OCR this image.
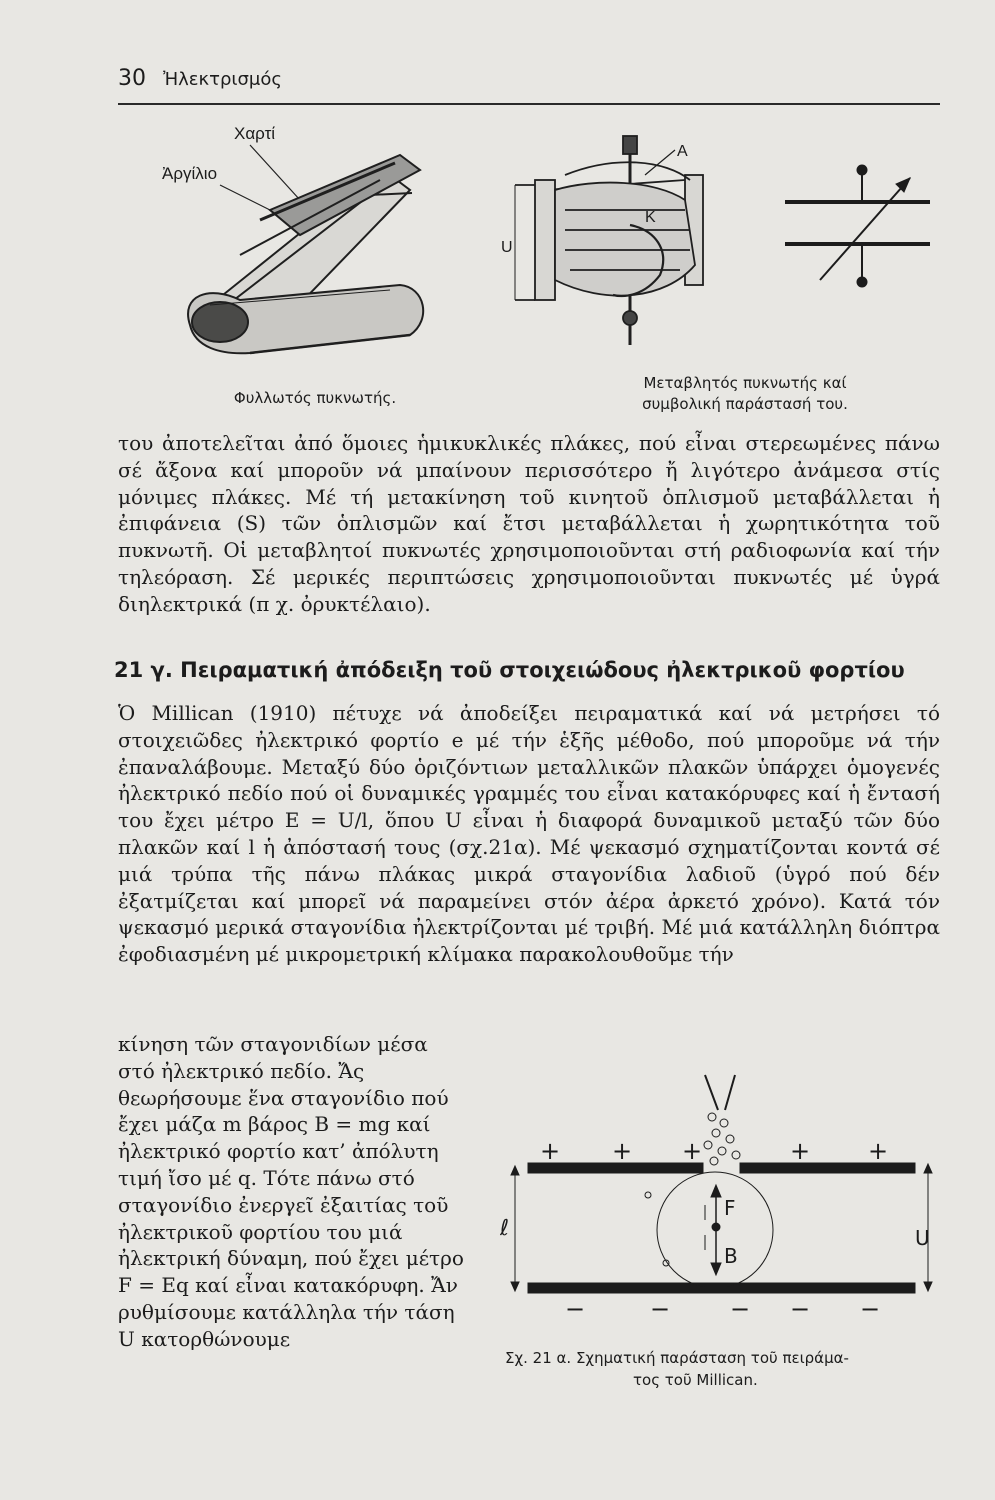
30 Ἠλεκτρισμός
Χαρτί
Ἀργίλιο
Φυλλωτός πυκνωτής.
A
K
U
Μεταβλητός πυκνωτής καί
συμβολική παράστασή του.

του ἀποτελεῖται ἀπό ὅμοιες ἡμικυκλικές πλάκες, πού εἶναι στερεωμένες πάνω σέ ἄξονα καί μποροῦν νά μπαίνουν περισσότερο ἤ λιγότερο ἀνάμεσα στίς μόνιμες πλάκες. Μέ τή μετακίνηση τοῦ κινητοῦ ὁπλισμοῦ μεταβάλλεται ἡ ἐπιφάνεια (S) τῶν ὁπλισμῶν καί ἔτσι μεταβάλλεται ἡ χωρητικότητα τοῦ πυκνωτῆ. Οἱ μεταβλητοί πυκνωτές χρησιμοποιοῦνται στή ραδιοφωνία καί τήν τηλεόραση. Σέ μερικές περιπτώσεις χρησιμοποιοῦνται πυκνωτές μέ ὑγρά διηλεκτρικά (π χ. ὀρυκτέλαιο).

21 γ. Πειραματική ἀπόδειξη τοῦ στοιχειώδους ἠλεκτρικοῦ φορτίου

Ὁ Millican (1910) πέτυχε νά ἀποδείξει πειραματικά καί νά μετρήσει τό στοιχειῶδες ἠλεκτρικό φορτίο e μέ τήν ἑξῆς μέθοδο, πού μποροῦμε νά τήν ἐπαναλάβουμε. Μεταξύ δύο ὁριζόντιων μεταλλικῶν πλακῶν ὑπάρχει ὁμογενές ἠλεκτρικό πεδίο πού οἱ δυναμικές γραμμές του εἶναι κατακόρυφες καί ἡ ἔντασή του ἔχει μέτρο E = U/l, ὅπου U εἶναι ἡ διαφορά δυναμικοῦ μεταξύ τῶν δύο πλακῶν καί l ἡ ἀπόστασή τους (σχ.21α). Μέ ψεκασμό σχηματίζονται κοντά σέ μιά τρύπα τῆς πάνω πλάκας μικρά σταγονίδια λαδιοῦ (ὑγρό πού δέν ἐξατμίζεται καί μπορεῖ νά παραμείνει στόν ἀέρα ἀρκετό χρόνο). Κατά τόν ψεκασμό μερικά σταγονίδια ἠλεκτρίζονται μέ τριβή. Μέ μιά κατάλληλη διόπτρα ἐφοδιασμένη μέ μικρομετρική κλίμακα παρακολουθοῦμε τήν

κίνηση τῶν σταγονιδίων μέσα στό ἠλεκτρικό πεδίο. Ἄς θεωρήσουμε ἕνα σταγονίδιο πού ἔχει μάζα m βάρος B = mg καί ἠλεκτρικό φορτίο κατ’ ἀπόλυτη τιμή ἴσο μέ q. Τότε πάνω στό σταγονίδιο ἐνεργεῖ ἐξαιτίας τοῦ ἠλεκτρικοῦ φορτίου του μιά ἠλεκτρική δύναμη, πού ἔχει μέτρο F = Eq καί εἶναι κατακόρυφη. Ἄν ρυθμίσουμε κατάλληλα τήν τάση U κατορθώνουμε

+ + +	+ +
−	− − − −
F
B
ℓ	U
Σχ. 21 α. Σχηματική παράσταση τοῦ πειράμα-
τος τοῦ Millican.
